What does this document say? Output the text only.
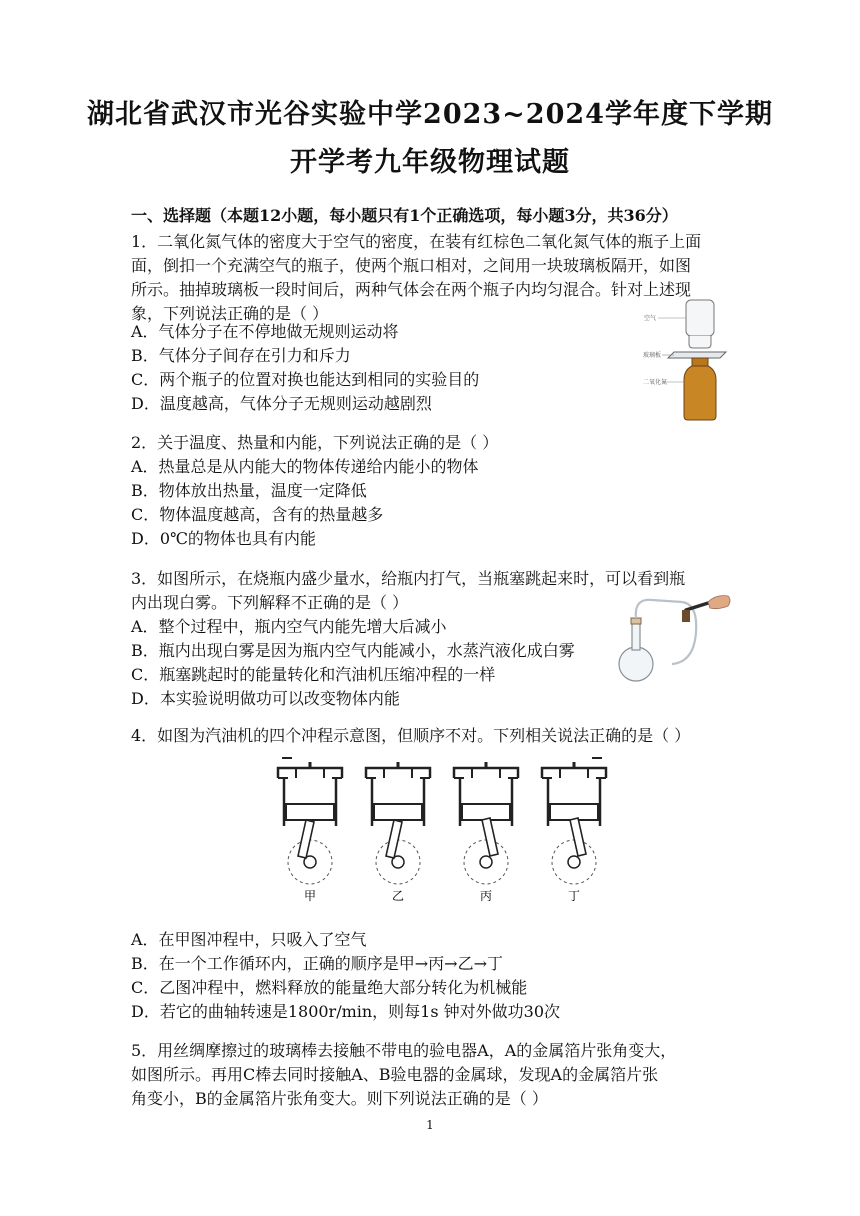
湖北省武汉市光谷实验中学2023~2024学年度下学期
开学考九年级物理试题
一、选择题（本题12小题，每小题只有1个正确选项，每小题3分，共36分）
1．二氧化氮气体的密度大于空气的密度，在装有红棕色二氧化氮气体的瓶子上面
面，倒扣一个充满空气的瓶子，使两个瓶口相对，之间用一块玻璃板隔开，如图
所示。抽掉玻璃板一段时间后，两种气体会在两个瓶子内均匀混合。针对上述现
象，下列说法正确的是（ ）
A．气体分子在不停地做无规则运动将
B．气体分子间存在引力和斥力
C．两个瓶子的位置对换也能达到相同的实验目的
D．温度越高，气体分子无规则运动越剧烈
空气
玻璃板
二氧化氮
2．关于温度、热量和内能，下列说法正确的是（ ）
A．热量总是从内能大的物体传递给内能小的物体
B．物体放出热量，温度一定降低
C．物体温度越高，含有的热量越多
D．0℃的物体也具有内能
3．如图所示，在烧瓶内盛少量水，给瓶内打气，当瓶塞跳起来时，可以看到瓶
内出现白雾。下列解释不正确的是（ ）
A．整个过程中，瓶内空气内能先增大后减小
B．瓶内出现白雾是因为瓶内空气内能减小，水蒸汽液化成白雾
C．瓶塞跳起时的能量转化和汽油机压缩冲程的一样
D．本实验说明做功可以改变物体内能
4．如图为汽油机的四个冲程示意图，但顺序不对。下列相关说法正确的是（ ）
甲	乙	丙	丁
A．在甲图冲程中，只吸入了空气
B．在一个工作循环内，正确的顺序是甲→丙→乙→丁
C．乙图冲程中，燃料释放的能量绝大部分转化为机械能
D．若它的曲轴转速是1800r/min，则每1s 钟对外做功30次
5．用丝绸摩擦过的玻璃棒去接触不带电的验电器A，A的金属箔片张角变大，
如图所示。再用C棒去同时接触A、B验电器的金属球，发现A的金属箔片张
角变小，B的金属箔片张角变大。则下列说法正确的是（ ）
1
